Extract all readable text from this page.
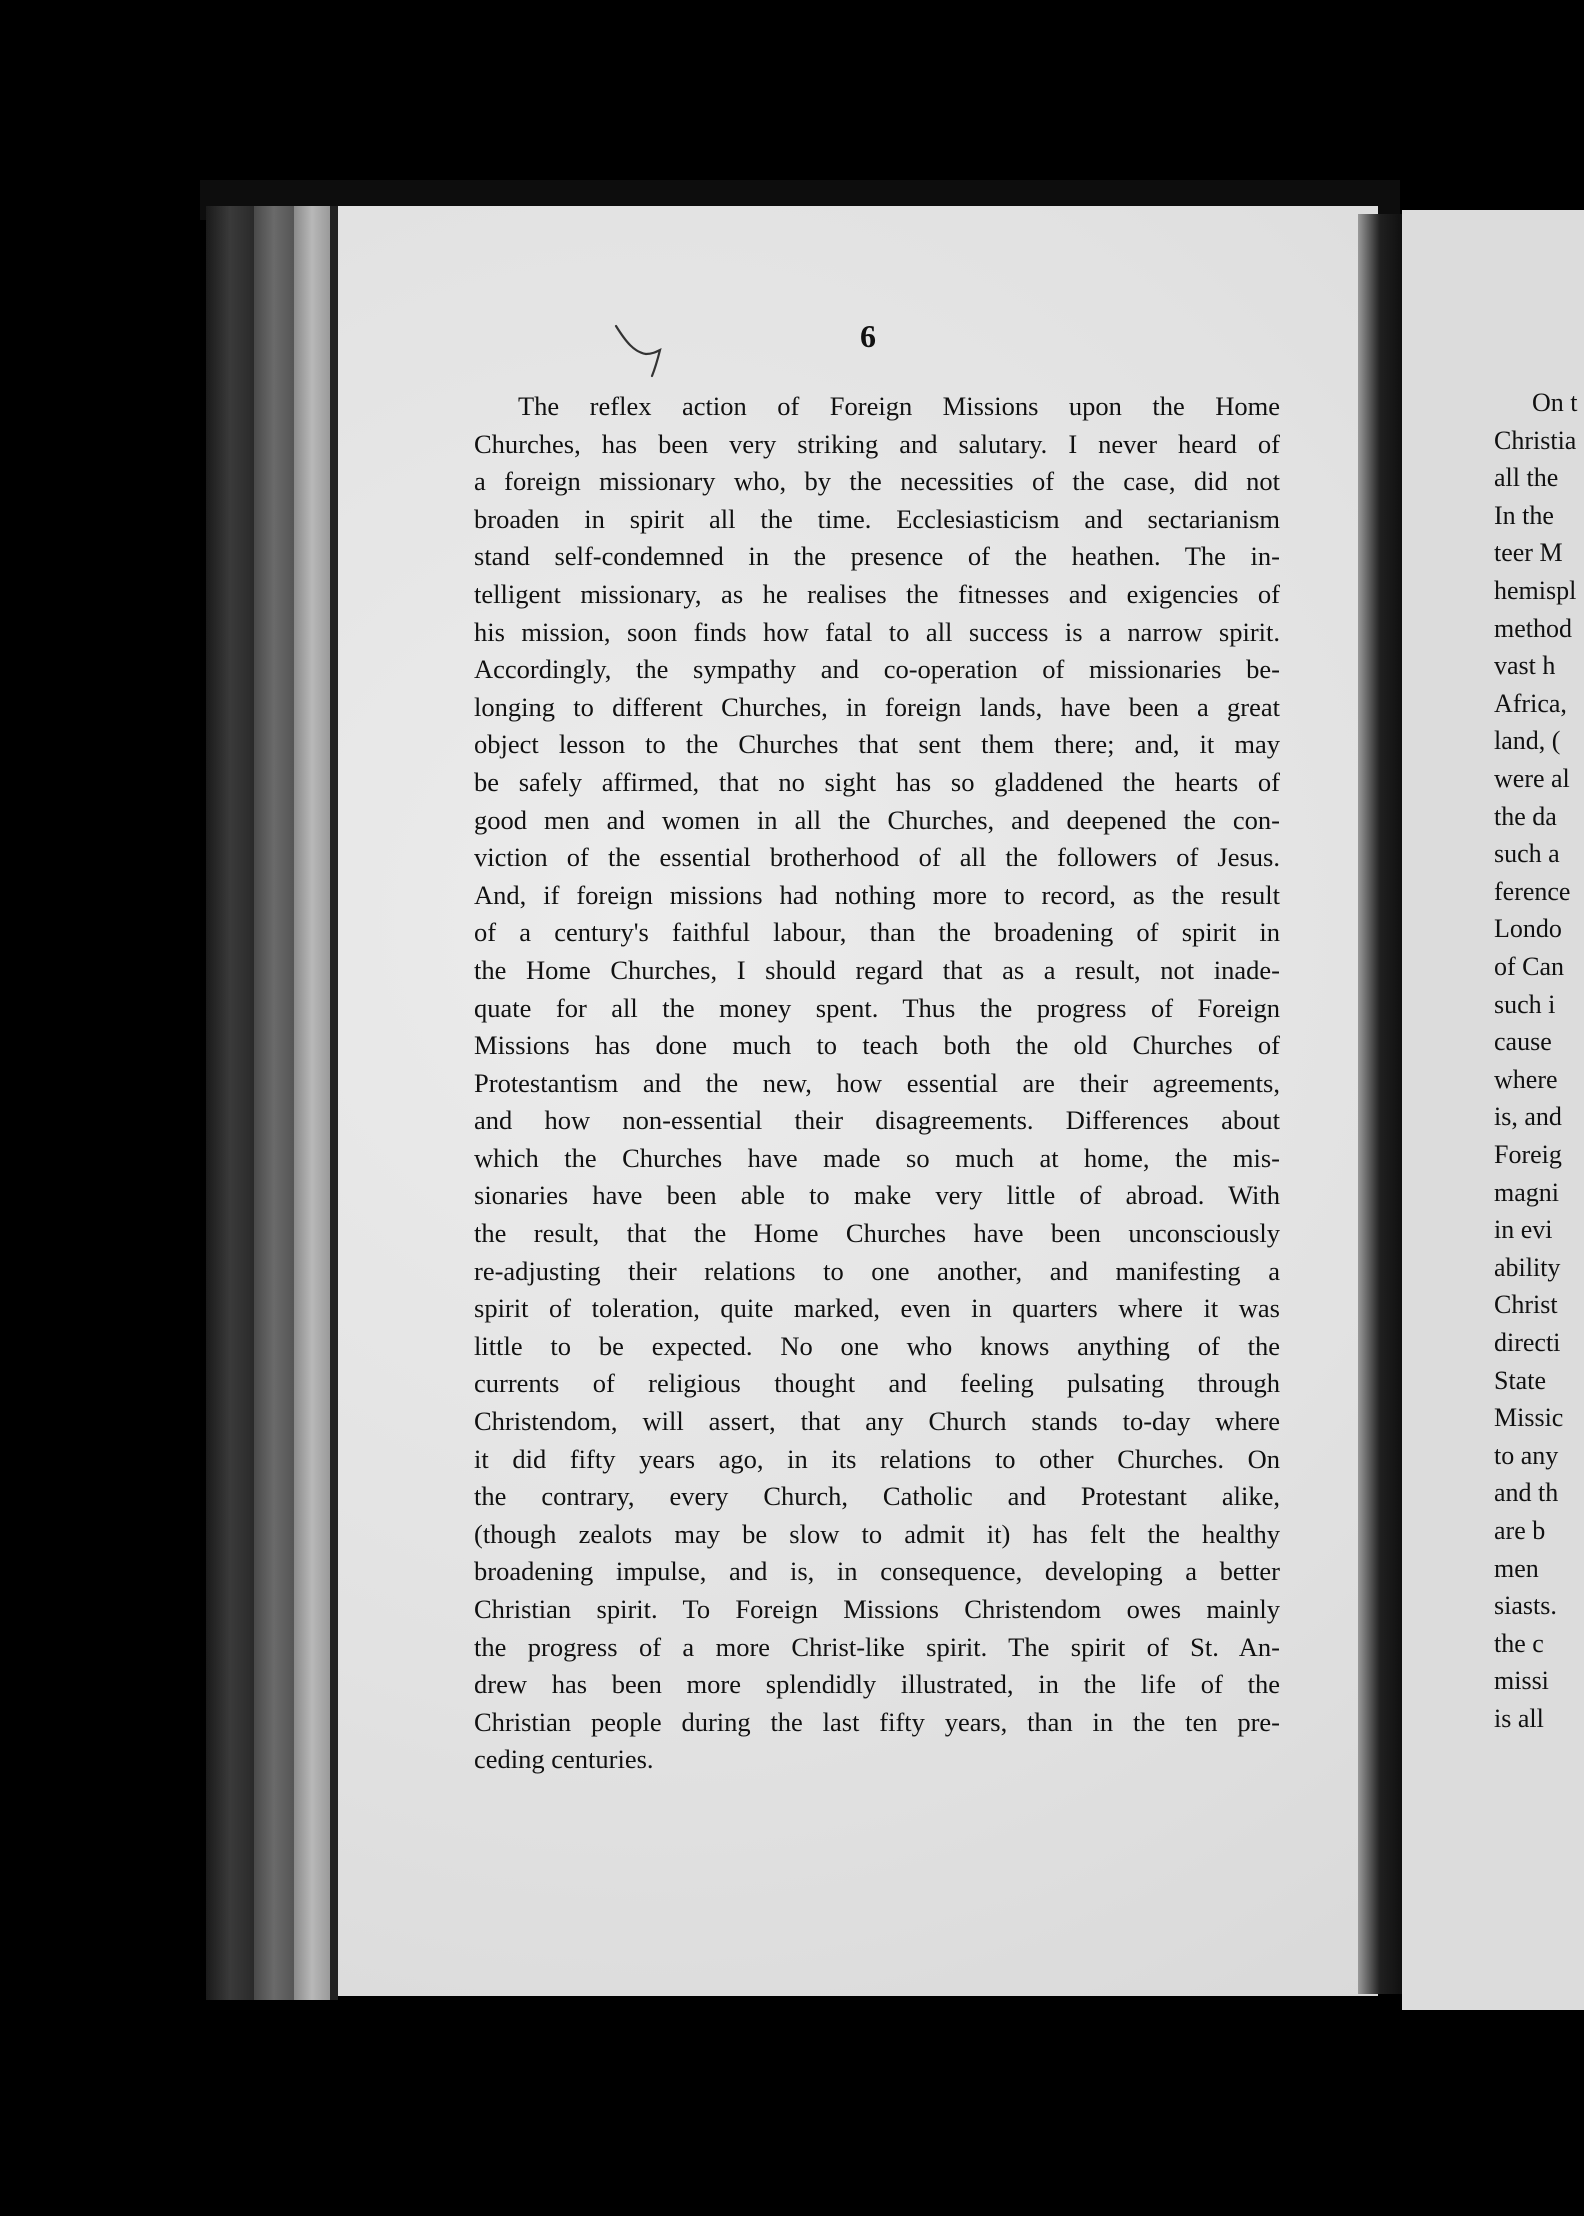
6
The reflex action of Foreign Missions upon the Home
Churches, has been very striking and salutary. I never heard of
a foreign missionary who, by the necessities of the case, did not
broaden in spirit all the time. Ecclesiasticism and sectarianism
stand self-condemned in the presence of the heathen. The in-
telligent missionary, as he realises the fitnesses and exigencies of
his mission, soon finds how fatal to all success is a narrow spirit.
Accordingly, the sympathy and co-operation of missionaries be-
longing to different Churches, in foreign lands, have been a great
object lesson to the Churches that sent them there; and, it may
be safely affirmed, that no sight has so gladdened the hearts of
good men and women in all the Churches, and deepened the con-
viction of the essential brotherhood of all the followers of Jesus.
And, if foreign missions had nothing more to record, as the result
of a century's faithful labour, than the broadening of spirit in
the Home Churches, I should regard that as a result, not inade-
quate for all the money spent. Thus the progress of Foreign
Missions has done much to teach both the old Churches of
Protestantism and the new, how essential are their agreements,
and how non-essential their disagreements. Differences about
which the Churches have made so much at home, the mis-
sionaries have been able to make very little of abroad. With
the result, that the Home Churches have been unconsciously
re-adjusting their relations to one another, and manifesting a
spirit of toleration, quite marked, even in quarters where it was
little to be expected. No one who knows anything of the
currents of religious thought and feeling pulsating through
Christendom, will assert, that any Church stands to-day where
it did fifty years ago, in its relations to other Churches. On
the contrary, every Church, Catholic and Protestant alike,
(though zealots may be slow to admit it) has felt the healthy
broadening impulse, and is, in consequence, developing a better
Christian spirit. To Foreign Missions Christendom owes mainly
the progress of a more Christ-like spirit. The spirit of St. An-
drew has been more splendidly illustrated, in the life of the
Christian people during the last fifty years, than in the ten pre-
ceding centuries.
On t
Christia
all the
In the
teer M
hemispl
method
vast h
Africa,
land, (
were al
the da
such a
ference
Londo
of Can
such i
cause
where
is, and
Foreig
magni
in evi
ability
Christ
directi
State
Missic
to any
and th
are b
men
siasts.
the c
missi
is all
